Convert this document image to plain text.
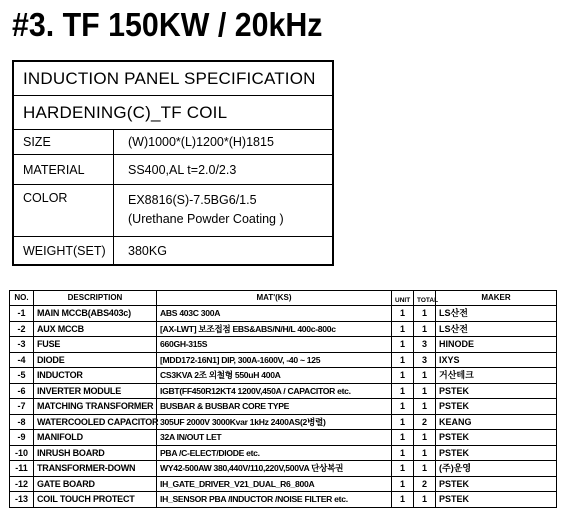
#3. TF 150KW / 20kHz
INDUCTION PANEL SPECIFICATION
HARDENING(C)_TF COIL
SIZE	(W)1000*(L)1200*(H)1815
MATERIAL	SS400,AL t=2.0/2.3
COLOR	EX8816(S)-7.5BG6/1.5
(Urethane Powder Coating )
WEIGHT(SET)	380KG
NO.	DESCRIPTION	MAT'(KS)	UNIT	TOTAL	MAKER
-1	MAIN MCCB(ABS403c)	ABS 403C 300A	1	1	LS산전
-2	AUX MCCB	[AX-LWT] 보조접점 EBS&ABS/N/H/L 400c-800c	1	1	LS산전
-3	FUSE	660GH-315S	1	3	HINODE
-4	DIODE	[MDD172-16N1] DIP, 300A-1600V, -40 ~ 125	1	3	IXYS
-5	INDUCTOR	CS3KVA 2조 외철형 550uH 400A	1	1	거산테크
-6	INVERTER MODULE	IGBT(FF450R12KT4 1200V,450A / CAPACITOR etc.	1	1	PSTEK
-7	MATCHING TRANSFORMER	BUSBAR & BUSBAR CORE TYPE	1	1	PSTEK
-8	WATERCOOLED CAPACITOR	305UF 2000V 3000Kvar 1kHz 2400AS(2병렬)	1	2	KEANG
-9	MANIFOLD	32A IN/OUT LET	1	1	PSTEK
-10	INRUSH BOARD	PBA /C-ELECT/DIODE etc.	1	1	PSTEK
-11	TRANSFORMER-DOWN	WY42-500AW 380,440V/110,220V,500VA 단상복권	1	1	(주)운영
-12	GATE BOARD	IH_GATE_DRIVER_V21_DUAL_R6_800A	1	2	PSTEK
-13	COIL TOUCH PROTECT	IH_SENSOR PBA /INDUCTOR /NOISE FILTER etc.	1	1	PSTEK
